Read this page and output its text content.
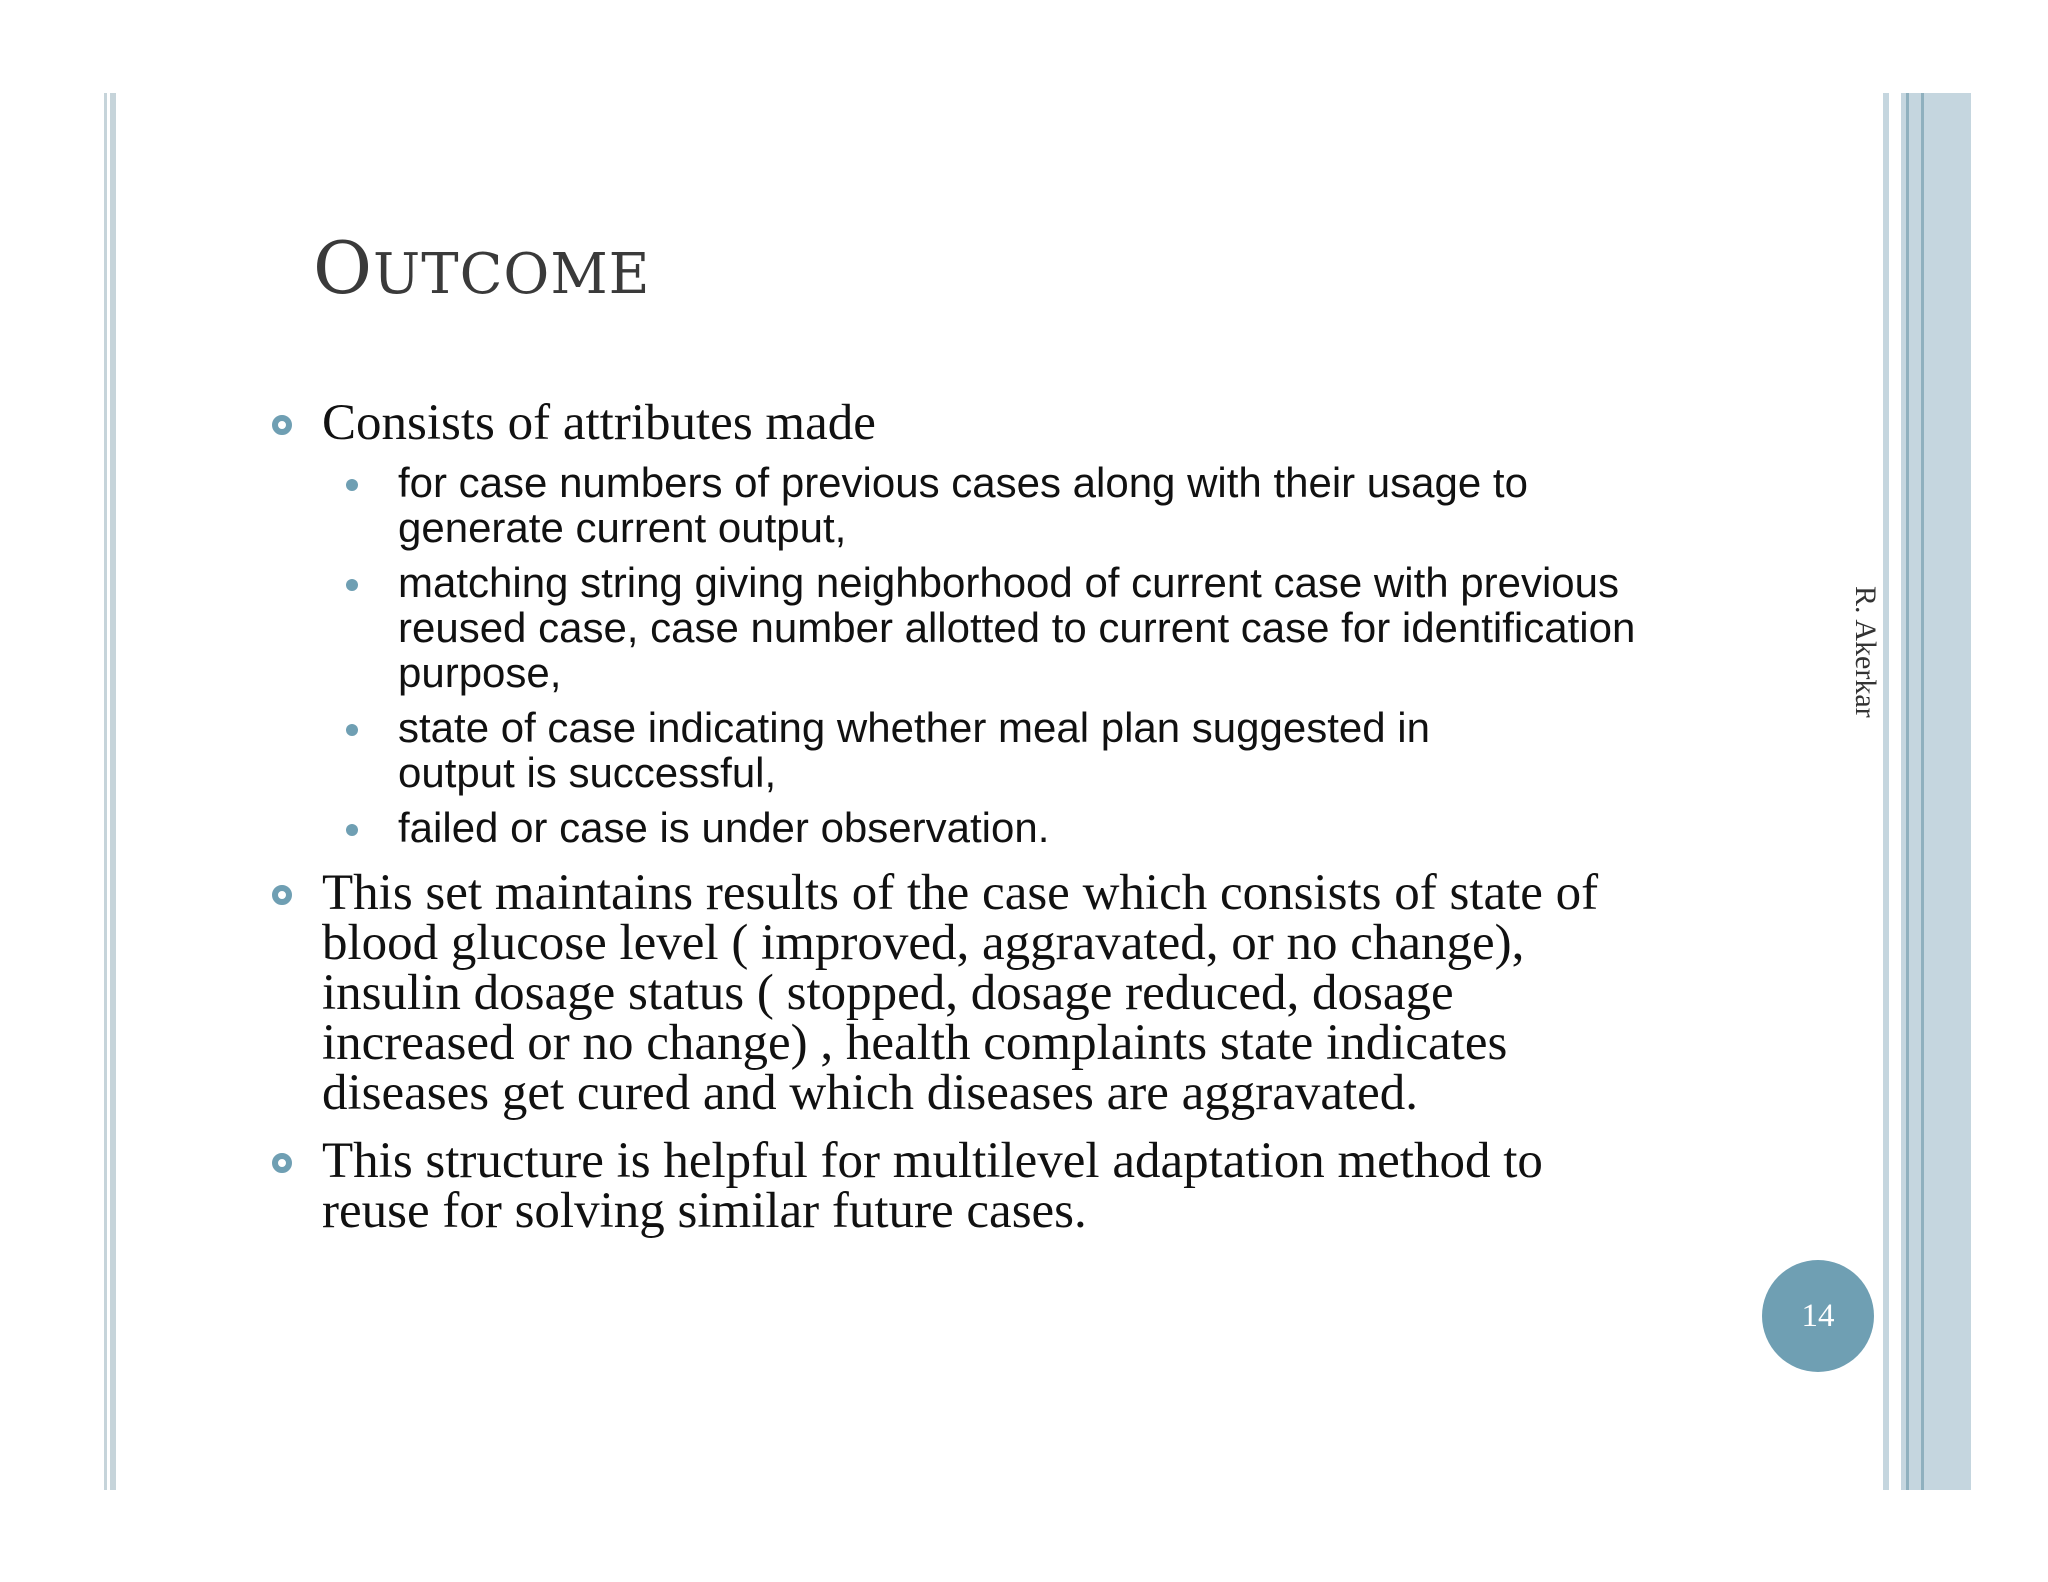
OUTCOME
Consists of attributes made
for case numbers of previous cases along with their usage to generate current output,
matching string giving neighborhood of current case with previous reused case, case number allotted to current case for identification purpose,
state of case indicating whether meal plan suggested in output is successful,
failed or case is under observation.
This set maintains results of the case which consists of state of blood glucose level ( improved, aggravated, or no change), insulin dosage status ( stopped, dosage reduced, dosage increased or no change) , health complaints state indicates diseases get cured and which diseases are aggravated.
This structure is helpful for multilevel adaptation method to reuse for solving similar future cases.
R. Akerkar
14
